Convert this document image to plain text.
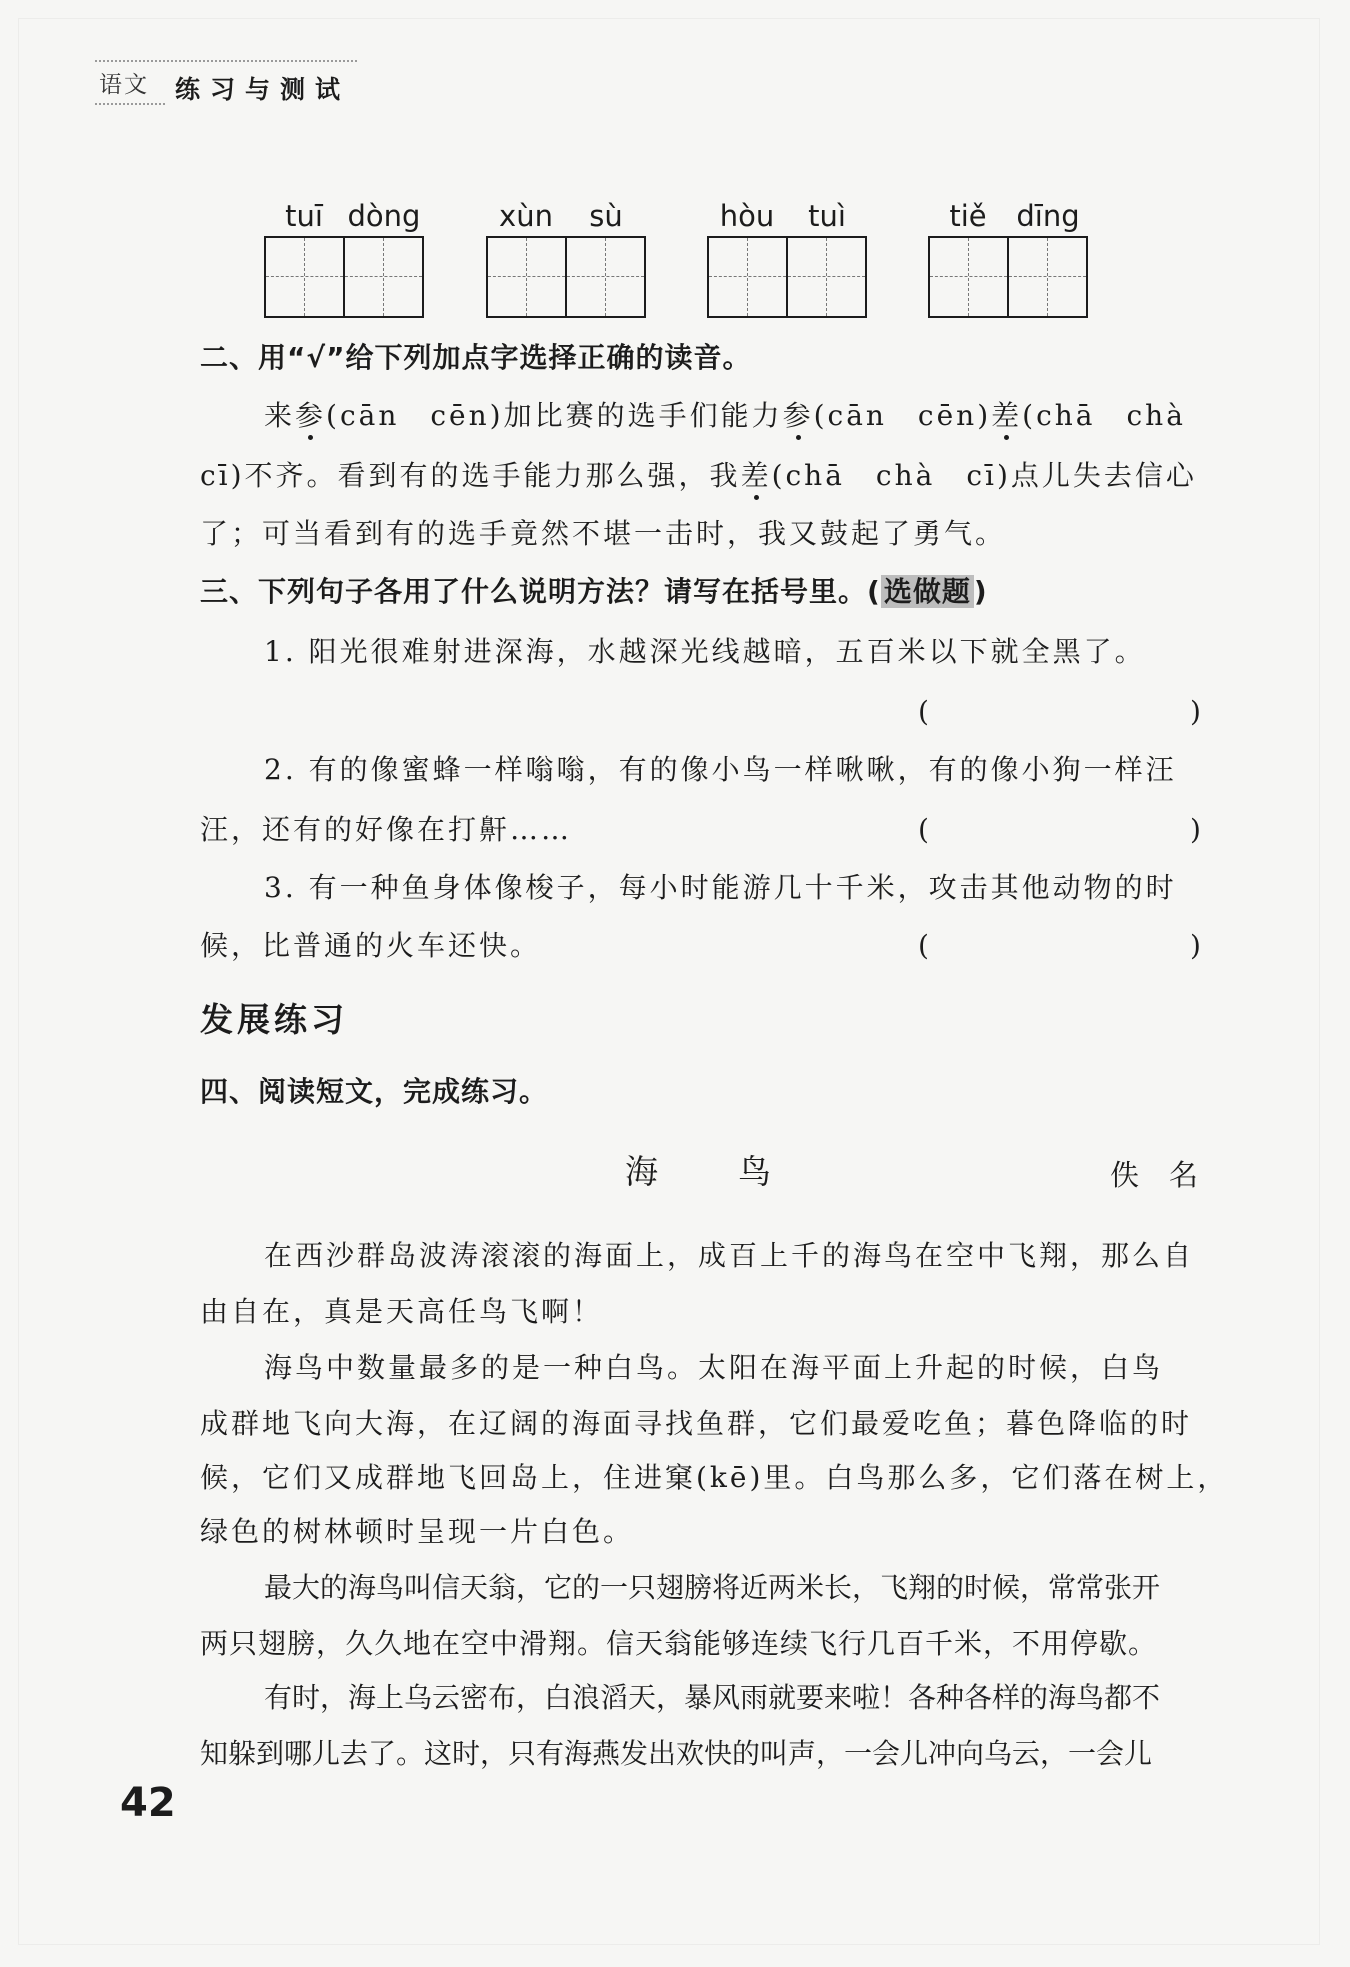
语文 练习与测试
tuī dòng	xùn	sù	hòu	tuì	tiě	dīng
二、用“√”给下列加点字选择正确的读音。
来参(cān　cēn)加比赛的选手们能力参(cān　cēn)差(chā　chà
cī)不齐。看到有的选手能力那么强，我差(chā　chà　cī)点儿失去信心
了；可当看到有的选手竟然不堪一击时，我又鼓起了勇气。
三、下列句子各用了什么说明方法？请写在括号里。( 选做题 )
1. 阳光很难射进深海，水越深光线越暗，五百米以下就全黑了。
(	)
2. 有的像蜜蜂一样嗡嗡，有的像小鸟一样啾啾，有的像小狗一样汪
汪，还有的好像在打鼾……	(	)
3. 有一种鱼身体像梭子，每小时能游几十千米，攻击其他动物的时
候，比普通的火车还快。	(	)
发展练习
四、阅读短文，完成练习。
海鸟	佚名
在西沙群岛波涛滚滚的海面上，成百上千的海鸟在空中飞翔，那么自
由自在，真是天高任鸟飞啊！
海鸟中数量最多的是一种白鸟。太阳在海平面上升起的时候，白鸟
成群地飞向大海，在辽阔的海面寻找鱼群，它们最爱吃鱼；暮色降临的时
候，它们又成群地飞回岛上，住进窠(kē)里。白鸟那么多，它们落在树上，
绿色的树林顿时呈现一片白色。
最大的海鸟叫信天翁，它的一只翅膀将近两米长，飞翔的时候，常常张开
两只翅膀，久久地在空中滑翔。信天翁能够连续飞行几百千米，不用停歇。
有时，海上乌云密布，白浪滔天，暴风雨就要来啦！各种各样的海鸟都不
知躲到哪儿去了。这时，只有海燕发出欢快的叫声，一会儿冲向乌云，一会儿
42
